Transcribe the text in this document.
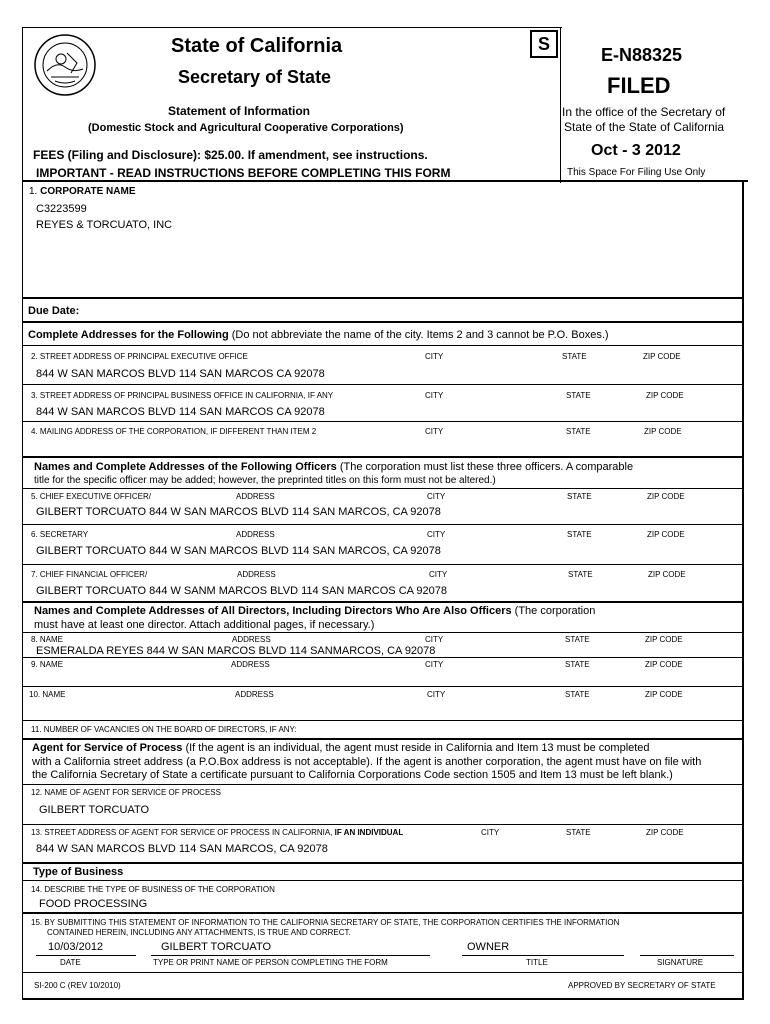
State of California
Secretary of State
Statement of Information
(Domestic Stock and Agricultural Cooperative Corporations)
FEES (Filing and Disclosure): $25.00. If amendment, see instructions.
IMPORTANT - READ INSTRUCTIONS BEFORE COMPLETING THIS FORM
S
E-N88325
FILED
In the office of the Secretary of
State of the State of California
Oct - 3 2012
This Space For Filing Use Only
1. CORPORATE NAME
C3223599
REYES & TORCUATO, INC
Due Date:
Complete Addresses for the Following (Do not abbreviate the name of the city. Items 2 and 3 cannot be P.O. Boxes.)
2. STREET ADDRESS OF PRINCIPAL EXECUTIVE OFFICE	CITY	STATE	ZIP CODE
844 W SAN MARCOS BLVD 114 SAN MARCOS CA 92078
3. STREET ADDRESS OF PRINCIPAL BUSINESS OFFICE IN CALIFORNIA, IF ANY	CITY	STATE	ZIP CODE
844 W SAN MARCOS BLVD 114 SAN MARCOS CA 92078
4. MAILING ADDRESS OF THE CORPORATION, IF DIFFERENT THAN ITEM 2	CITY	STATE	ZIP CODE
Names and Complete Addresses of the Following Officers (The corporation must list these three officers. A comparable
title for the specific officer may be added; however, the preprinted titles on this form must not be altered.)
5. CHIEF EXECUTIVE OFFICER/	ADDRESS	CITY	STATE	ZIP CODE
GILBERT TORCUATO 844 W SAN MARCOS BLVD 114 SAN MARCOS, CA 92078
6. SECRETARY	ADDRESS	CITY	STATE	ZIP CODE
GILBERT TORCUATO 844 W SAN MARCOS BLVD 114 SAN MARCOS, CA 92078
7. CHIEF FINANCIAL OFFICER/	ADDRESS	CITY	STATE	ZIP CODE
GILBERT TORCUATO 844 W SANM MARCOS BLVD 114 SAN MARCOS CA 92078
Names and Complete Addresses of All Directors, Including Directors Who Are Also Officers (The corporation
must have at least one director. Attach additional pages, if necessary.)
8. NAME	ADDRESS	CITY	STATE	ZIP CODE
ESMERALDA REYES 844 W SAN MARCOS BLVD 114 SANMARCOS, CA 92078
9. NAME	ADDRESS	CITY	STATE	ZIP CODE
10. NAME	ADDRESS	CITY	STATE	ZIP CODE
11. NUMBER OF VACANCIES ON THE BOARD OF DIRECTORS, IF ANY:
Agent for Service of Process (If the agent is an individual, the agent must reside in California and Item 13 must be completed
with a California street address (a P.O.Box address is not acceptable). If the agent is another corporation, the agent must have on file with
the California Secretary of State a certificate pursuant to California Corporations Code section 1505 and Item 13 must be left blank.)
12. NAME OF AGENT FOR SERVICE OF PROCESS
GILBERT TORCUATO
13. STREET ADDRESS OF AGENT FOR SERVICE OF PROCESS IN CALIFORNIA, IF AN INDIVIDUAL	CITY	STATE	ZIP CODE
844 W SAN MARCOS BLVD 114 SAN MARCOS, CA 92078
Type of Business
14. DESCRIBE THE TYPE OF BUSINESS OF THE CORPORATION
FOOD PROCESSING
15. BY SUBMITTING THIS STATEMENT OF INFORMATION TO THE CALIFORNIA SECRETARY OF STATE, THE CORPORATION CERTIFIES THE INFORMATION
CONTAINED HEREIN, INCLUDING ANY ATTACHMENTS, IS TRUE AND CORRECT.
10/03/2012	GILBERT TORCUATO	OWNER
DATE	TYPE OR PRINT NAME OF PERSON COMPLETING THE FORM	TITLE	SIGNATURE
SI-200 C (REV 10/2010)	APPROVED BY SECRETARY OF STATE
